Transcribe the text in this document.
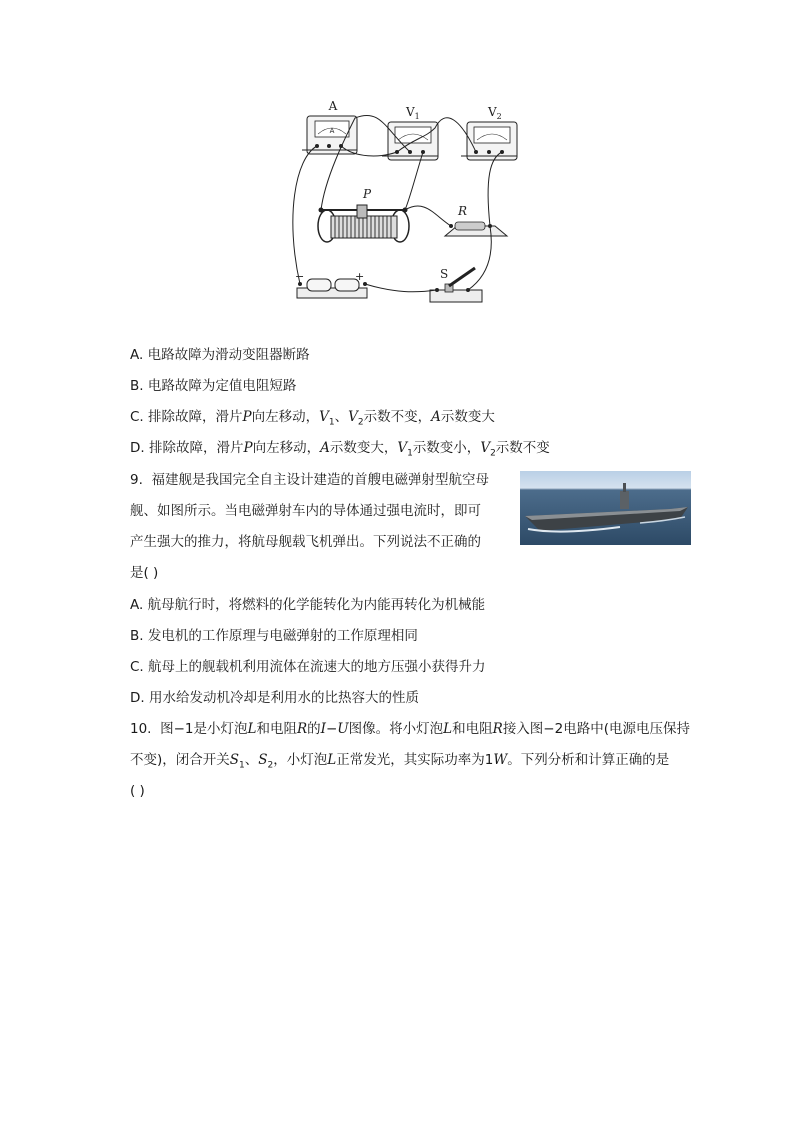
A
A	$V_1$	$V_2$
P
R
−	+	S
A. 电路故障为滑动变阻器断路
B. 电路故障为定值电阻短路
C. 排除故障，滑片P向左移动，$V_1$、$V_2$示数不变，A示数变大
D. 排除故障，滑片P向左移动，A示数变大，$V_1$示数变小，$V_2$示数不变
9. 福建舰是我国完全自主设计建造的首艘电磁弹射型航空母
舰、如图所示。当电磁弹射车内的导体通过强电流时，即可
产生强大的推力，将航母舰载飞机弹出。下列说法不正确的
是( )
A. 航母航行时，将燃料的化学能转化为内能再转化为机械能
B. 发电机的工作原理与电磁弹射的工作原理相同
C. 航母上的舰载机利用流体在流速大的地方压强小获得升力
D. 用水给发动机冷却是利用水的比热容大的性质
10. 图−1是小灯泡L和电阻R的I−U图像。将小灯泡L和电阻R接入图−2电路中(电源电压保持
不变)，闭合开关$S_1$、$S_2$，小灯泡L正常发光，其实际功率为1W。下列分析和计算正确的是
( )
